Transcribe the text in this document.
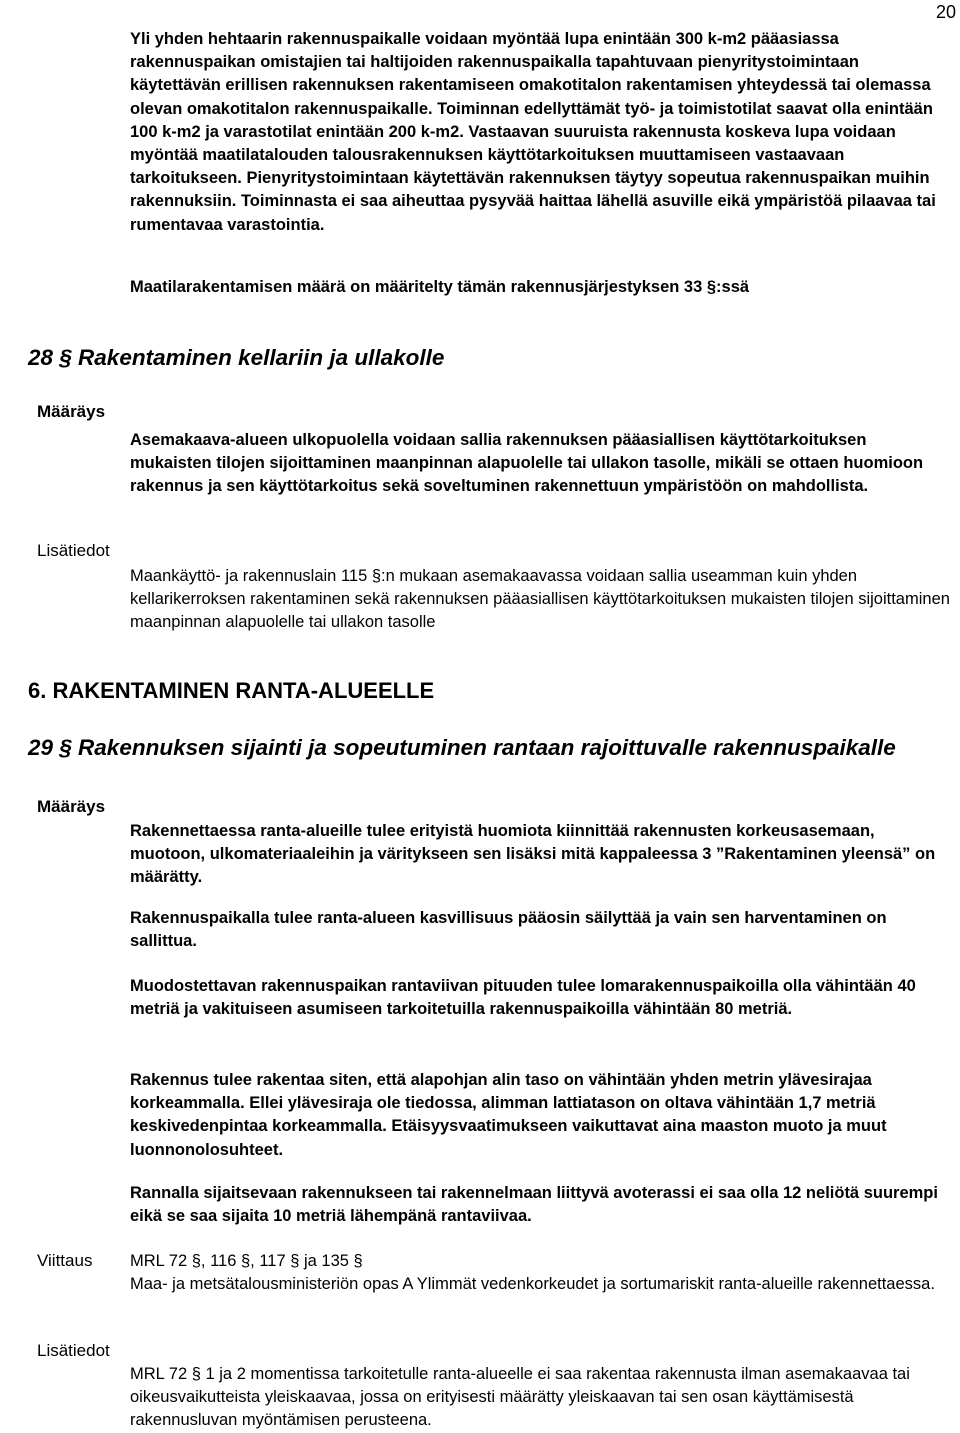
20

Yli yhden hehtaarin rakennuspaikalle voidaan myöntää lupa enintään 300 k-m2 pääasiassa rakennuspaikan omistajien tai haltijoiden rakennuspaikalla tapahtuvaan pienyritystoimintaan käytettävän erillisen rakennuksen rakentamiseen omakotitalon rakentamisen yhteydessä tai olemassa olevan omakotitalon rakennuspaikalle. Toiminnan edellyttämät työ- ja toimistotilat saavat olla enintään 100 k-m2 ja varastotilat enintään 200 k-m2. Vastaavan suuruista rakennusta koskeva lupa voidaan myöntää maatilatalouden talousrakennuksen käyttötarkoituksen muuttamiseen vastaavaan tarkoitukseen. Pienyritystoimintaan käytettävän rakennuksen täytyy sopeutua rakennuspaikan muihin rakennuksiin. Toiminnasta ei saa aiheuttaa pysyvää haittaa lähellä asuville eikä ympäristöä pilaavaa tai rumentavaa varastointia.

Maatilarakentamisen määrä on määritelty tämän rakennusjärjestyksen 33 §:ssä

28 § Rakentaminen kellariin ja ullakolle
Määräys

Asemakaava-alueen ulkopuolella voidaan sallia rakennuksen pääasiallisen käyttötarkoituksen mukaisten tilojen sijoittaminen maanpinnan alapuolelle tai ullakon tasolle, mikäli se ottaen huomioon rakennus ja sen käyttötarkoitus sekä soveltuminen rakennettuun ympäristöön on mahdollista.

Lisätiedot

Maankäyttö- ja rakennuslain 115 §:n mukaan asemakaavassa voidaan sallia useamman kuin yhden kellarikerroksen rakentaminen sekä rakennuksen pääasiallisen käyttötarkoituksen mukaisten tilojen sijoittaminen maanpinnan alapuolelle tai ullakon tasolle

6. RAKENTAMINEN RANTA-ALUEELLE
29 § Rakennuksen sijainti ja sopeutuminen rantaan rajoittuvalle rakennuspaikalle
Määräys

Rakennettaessa ranta-alueille tulee erityistä huomiota kiinnittää rakennusten korkeusasemaan, muotoon, ulkomateriaaleihin ja väritykseen sen lisäksi mitä kappaleessa 3 ”Rakentaminen yleensä” on määrätty.

Rakennuspaikalla tulee ranta-alueen kasvillisuus pääosin säilyttää ja vain sen harventaminen on sallittua.

Muodostettavan rakennuspaikan rantaviivan pituuden tulee lomarakennuspaikoilla olla vähintään 40 metriä ja vakituiseen asumiseen tarkoitetuilla rakennuspaikoilla vähintään 80 metriä.

Rakennus tulee rakentaa siten, että alapohjan alin taso on vähintään yhden metrin ylävesirajaa korkeammalla. Ellei ylävesiraja ole tiedossa, alimman lattiatason on oltava vähintään 1,7 metriä keskivedenpintaa korkeammalla. Etäisyysvaatimukseen vaikuttavat aina maaston muoto ja muut luonnonolosuhteet.

Rannalla sijaitsevaan rakennukseen tai rakennelmaan liittyvä avoterassi ei saa olla 12 neliötä suurempi eikä se saa sijaita 10 metriä lähempänä rantaviivaa.

Viittaus MRL 72 §, 116 §, 117 § ja 135 §

Maa- ja metsätalousministeriön opas A Ylimmät vedenkorkeudet ja sortumariskit ranta-alueille rakennettaessa.

Lisätiedot

MRL 72 § 1 ja 2 momentissa tarkoitetulle ranta-alueelle ei saa rakentaa rakennusta ilman asemakaavaa tai oikeusvaikutteista yleiskaavaa, jossa on erityisesti määrätty yleiskaavan tai sen osan käyttämisestä rakennusluvan myöntämisen perusteena.
